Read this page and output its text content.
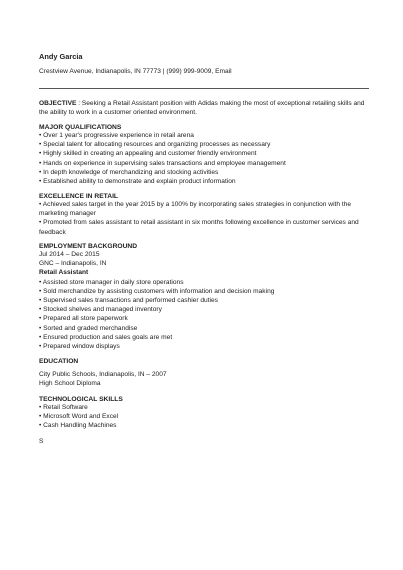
Andy Garcia
Crestview Avenue, Indianapolis, IN 77773 | (999) 999-9009, Email
OBJECTIVE : Seeking a Retail Assistant position with Adidas making the most of exceptional retailing skills and the ability to work in a customer oriented environment.
MAJOR QUALIFICATIONS
• Over 1 year's progressive experience in retail arena
• Special talent for allocating resources and organizing processes as necessary
• Highly skilled in creating an appealing and customer friendly environment
• Hands on experience in supervising sales transactions and employee management
• In depth knowledge of merchandizing and stocking activities
• Established ability to demonstrate and explain product information
EXCELLENCE IN RETAIL
• Achieved sales target in the year 2015 by a 100% by incorporating sales strategies in conjunction with the marketing manager
• Promoted from sales assistant to retail assistant in six months following excellence in customer services and feedback
EMPLOYMENT BACKGROUND
Jul 2014 – Dec 2015
GNC – Indianapolis, IN
Retail Assistant
• Assisted store manager in daily store operations
• Sold merchandize by assisting customers with information and decision making
• Supervised sales transactions and performed cashier duties
• Stocked shelves and managed inventory
• Prepared all store paperwork
• Sorted and graded merchandise
• Ensured production and sales goals are met
• Prepared window displays
EDUCATION
City Public Schools, Indianapolis, IN – 2007
High School Diploma
TECHNOLOGICAL SKILLS
• Retail Software
• Microsoft Word and Excel
• Cash Handling Machines
S
